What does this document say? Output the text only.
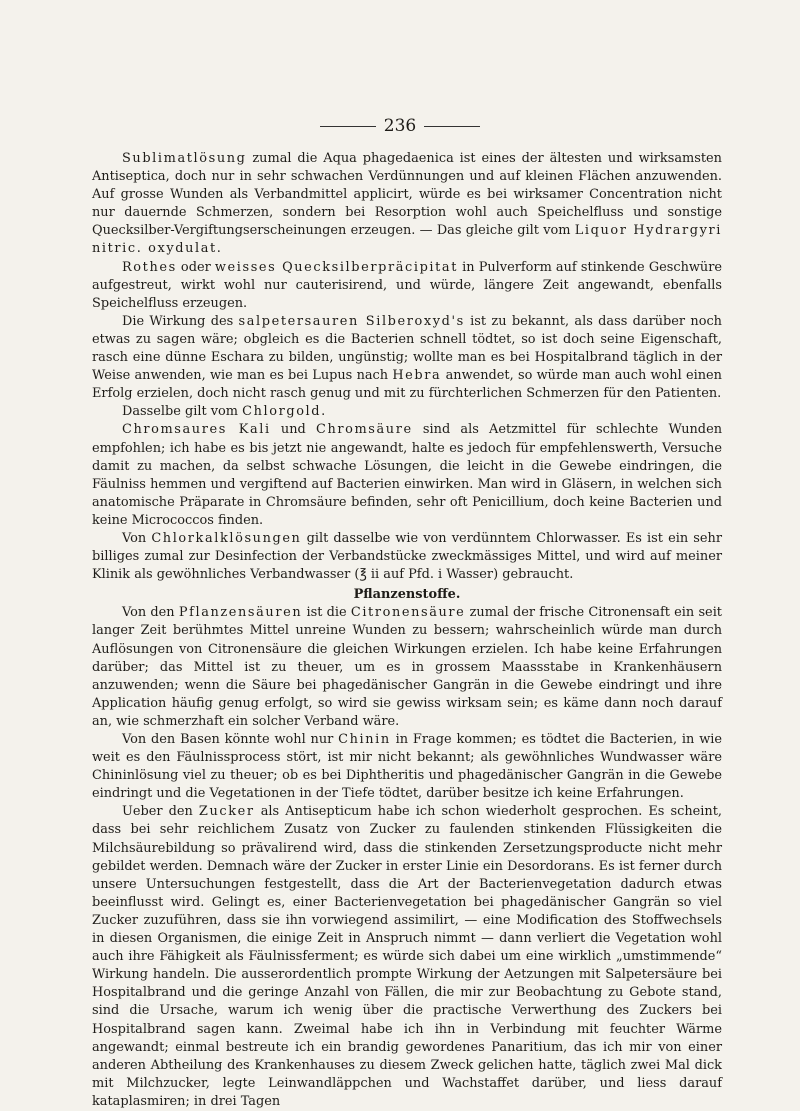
236

Sublimatlösung zumal die Aqua phagedaenica ist eines der ältesten und wirksamsten Antiseptica, doch nur in sehr schwachen Verdünnungen und auf kleinen Flächen anzuwenden. Auf grosse Wunden als Verbandmittel applicirt, würde es bei wirksamer Concentration nicht nur dauernde Schmerzen, sondern bei Resorption wohl auch Speichelfluss und sonstige Quecksilber-Vergiftungserscheinungen erzeugen. — Das gleiche gilt vom Liquor Hydrargyri nitric. oxydulat.

Rothes oder weisses Quecksilberpräcipitat in Pulverform auf stinkende Geschwüre aufgestreut, wirkt wohl nur cauterisirend, und würde, längere Zeit angewandt, ebenfalls Speichelfluss erzeugen.

Die Wirkung des salpetersauren Silberoxyd's ist zu bekannt, als dass darüber noch etwas zu sagen wäre; obgleich es die Bacterien schnell tödtet, so ist doch seine Eigenschaft, rasch eine dünne Eschara zu bilden, ungünstig; wollte man es bei Hospitalbrand täglich in der Weise anwenden, wie man es bei Lupus nach Hebra anwendet, so würde man auch wohl einen Erfolg erzielen, doch nicht rasch genug und mit zu fürchterlichen Schmerzen für den Patienten.

Dasselbe gilt vom Chlorgold.

Chromsaures Kali und Chromsäure sind als Aetzmittel für schlechte Wunden empfohlen; ich habe es bis jetzt nie angewandt, halte es jedoch für empfehlenswerth, Versuche damit zu machen, da selbst schwache Lösungen, die leicht in die Gewebe eindringen, die Fäulniss hemmen und vergiftend auf Bacterien einwirken. Man wird in Gläsern, in welchen sich anatomische Präparate in Chromsäure befinden, sehr oft Penicillium, doch keine Bacterien und keine Micrococcos finden.

Von Chlorkalklösungen gilt dasselbe wie von verdünntem Chlorwasser. Es ist ein sehr billiges zumal zur Desinfection der Verbandstücke zweckmässiges Mittel, und wird auf meiner Klinik als gewöhnliches Verbandwasser (℥ ii auf Pfd. i Wasser) gebraucht.

Pflanzenstoffe.

Von den Pflanzensäuren ist die Citronensäure zumal der frische Citronensaft ein seit langer Zeit berühmtes Mittel unreine Wunden zu bessern; wahrscheinlich würde man durch Auflösungen von Citronensäure die gleichen Wirkungen erzielen. Ich habe keine Erfahrungen darüber; das Mittel ist zu theuer, um es in grossem Maassstabe in Krankenhäusern anzuwenden; wenn die Säure bei phagedänischer Gangrän in die Gewebe eindringt und ihre Application häufig genug erfolgt, so wird sie gewiss wirksam sein; es käme dann noch darauf an, wie schmerzhaft ein solcher Verband wäre.

Von den Basen könnte wohl nur Chinin in Frage kommen; es tödtet die Bacterien, in wie weit es den Fäulnissprocess stört, ist mir nicht bekannt; als gewöhnliches Wundwasser wäre Chininlösung viel zu theuer; ob es bei Diphtheritis und phagedänischer Gangrän in die Gewebe eindringt und die Vegetationen in der Tiefe tödtet, darüber besitze ich keine Erfahrungen.

Ueber den Zucker als Antisepticum habe ich schon wiederholt gesprochen. Es scheint, dass bei sehr reichlichem Zusatz von Zucker zu faulenden stinkenden Flüssigkeiten die Milchsäurebildung so prävalirend wird, dass die stinkenden Zersetzungsproducte nicht mehr gebildet werden. Demnach wäre der Zucker in erster Linie ein Desordorans. Es ist ferner durch unsere Untersuchungen festgestellt, dass die Art der Bacterienvegetation dadurch etwas beeinflusst wird. Gelingt es, einer Bacterienvegetation bei phagedänischer Gangrän so viel Zucker zuzuführen, dass sie ihn vorwiegend assimilirt, — eine Modification des Stoffwechsels in diesen Organismen, die einige Zeit in Anspruch nimmt — dann verliert die Vegetation wohl auch ihre Fähigkeit als Fäulnissferment; es würde sich dabei um eine wirklich „umstimmende“ Wirkung handeln. Die ausserordentlich prompte Wirkung der Aetzungen mit Salpetersäure bei Hospitalbrand und die geringe Anzahl von Fällen, die mir zur Beobachtung zu Gebote stand, sind die Ursache, warum ich wenig über die practische Verwerthung des Zuckers bei Hospitalbrand sagen kann. Zweimal habe ich ihn in Verbindung mit feuchter Wärme angewandt; einmal bestreute ich ein brandig gewordenes Panaritium, das ich mir von einer anderen Abtheilung des Krankenhauses zu diesem Zweck gelichen hatte, täglich zwei Mal dick mit Milchzucker, legte Leinwandläppchen und Wachstaffet darüber, und liess darauf kataplasmiren; in drei Tagen
